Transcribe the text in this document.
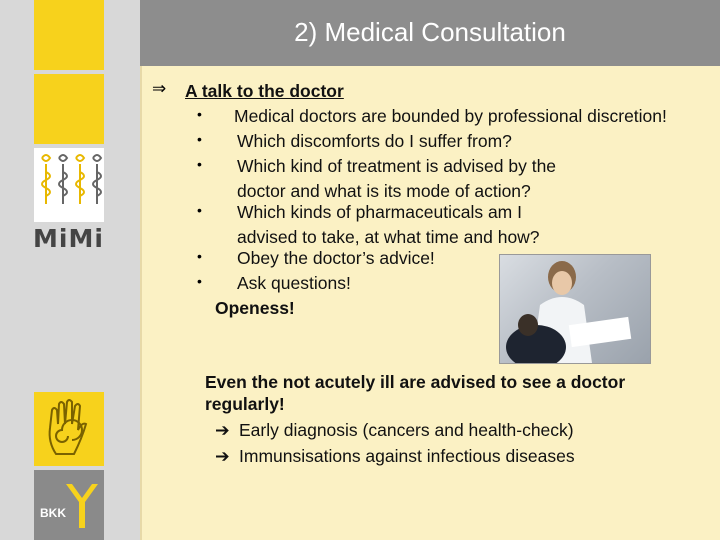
MiMi
BKK
2) Medical Consultation
⇒ A talk to the doctor
• Medical doctors are bounded by professional discretion!
• Which discomforts do I suffer from?
• Which kind of treatment is advised by the doctor and what is its mode of action?
• Which kinds of pharmaceuticals am I advised to take, at what time and how?
• Obey the doctor’s advice!
• Ask questions!
Openess!
Even the not acutely ill are advised to see a doctor regularly!
➔ Early diagnosis (cancers and health-check)
➔ Immunsisations against infectious diseases
